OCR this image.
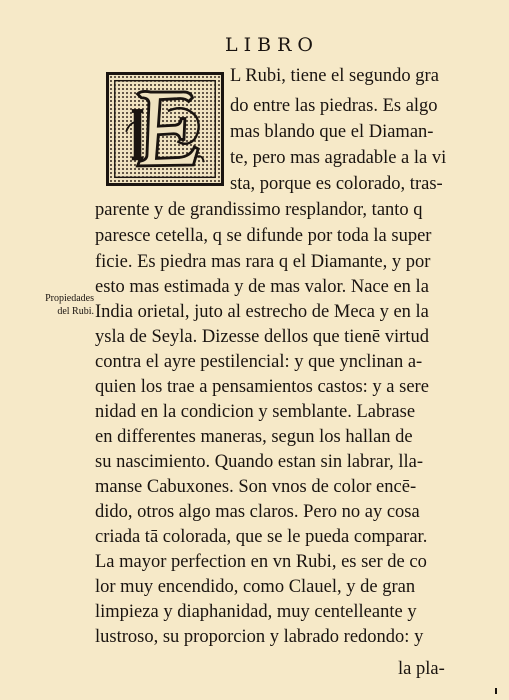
LIBRO
Propiedades
del Rubi.
L Rubi, tiene el segundo gra
do entre las piedras. Es algo
mas blando que el Diaman-
te, pero mas agradable a la vi
sta, porque es colorado, tras-
parente y de grandissimo resplandor, tanto q
paresce cetella, q se difunde por toda la super
ficie. Es piedra mas rara q el Diamante, y por
esto mas estimada y de mas valor. Nace en la
India orietal, juto al estrecho de Meca y en la
ysla de Seyla. Dizesse dellos que tienē virtud
contra el ayre pestilencial: y que ynclinan a-
quien los trae a pensamientos castos: y a sere
nidad en la condicion y semblante. Labrase
en differentes maneras, segun los hallan de
su nascimiento. Quando estan sin labrar, lla-
manse Cabuxones. Son vnos de color encē-
dido, otros algo mas claros. Pero no ay cosa
criada tā colorada, que se le pueda comparar.
La mayor perfection en vn Rubi, es ser de co
lor muy encendido, como Clauel, y de gran
limpieza y diaphanidad, muy centelleante y
lustroso, su proporcion y labrado redondo: y
la pla-
